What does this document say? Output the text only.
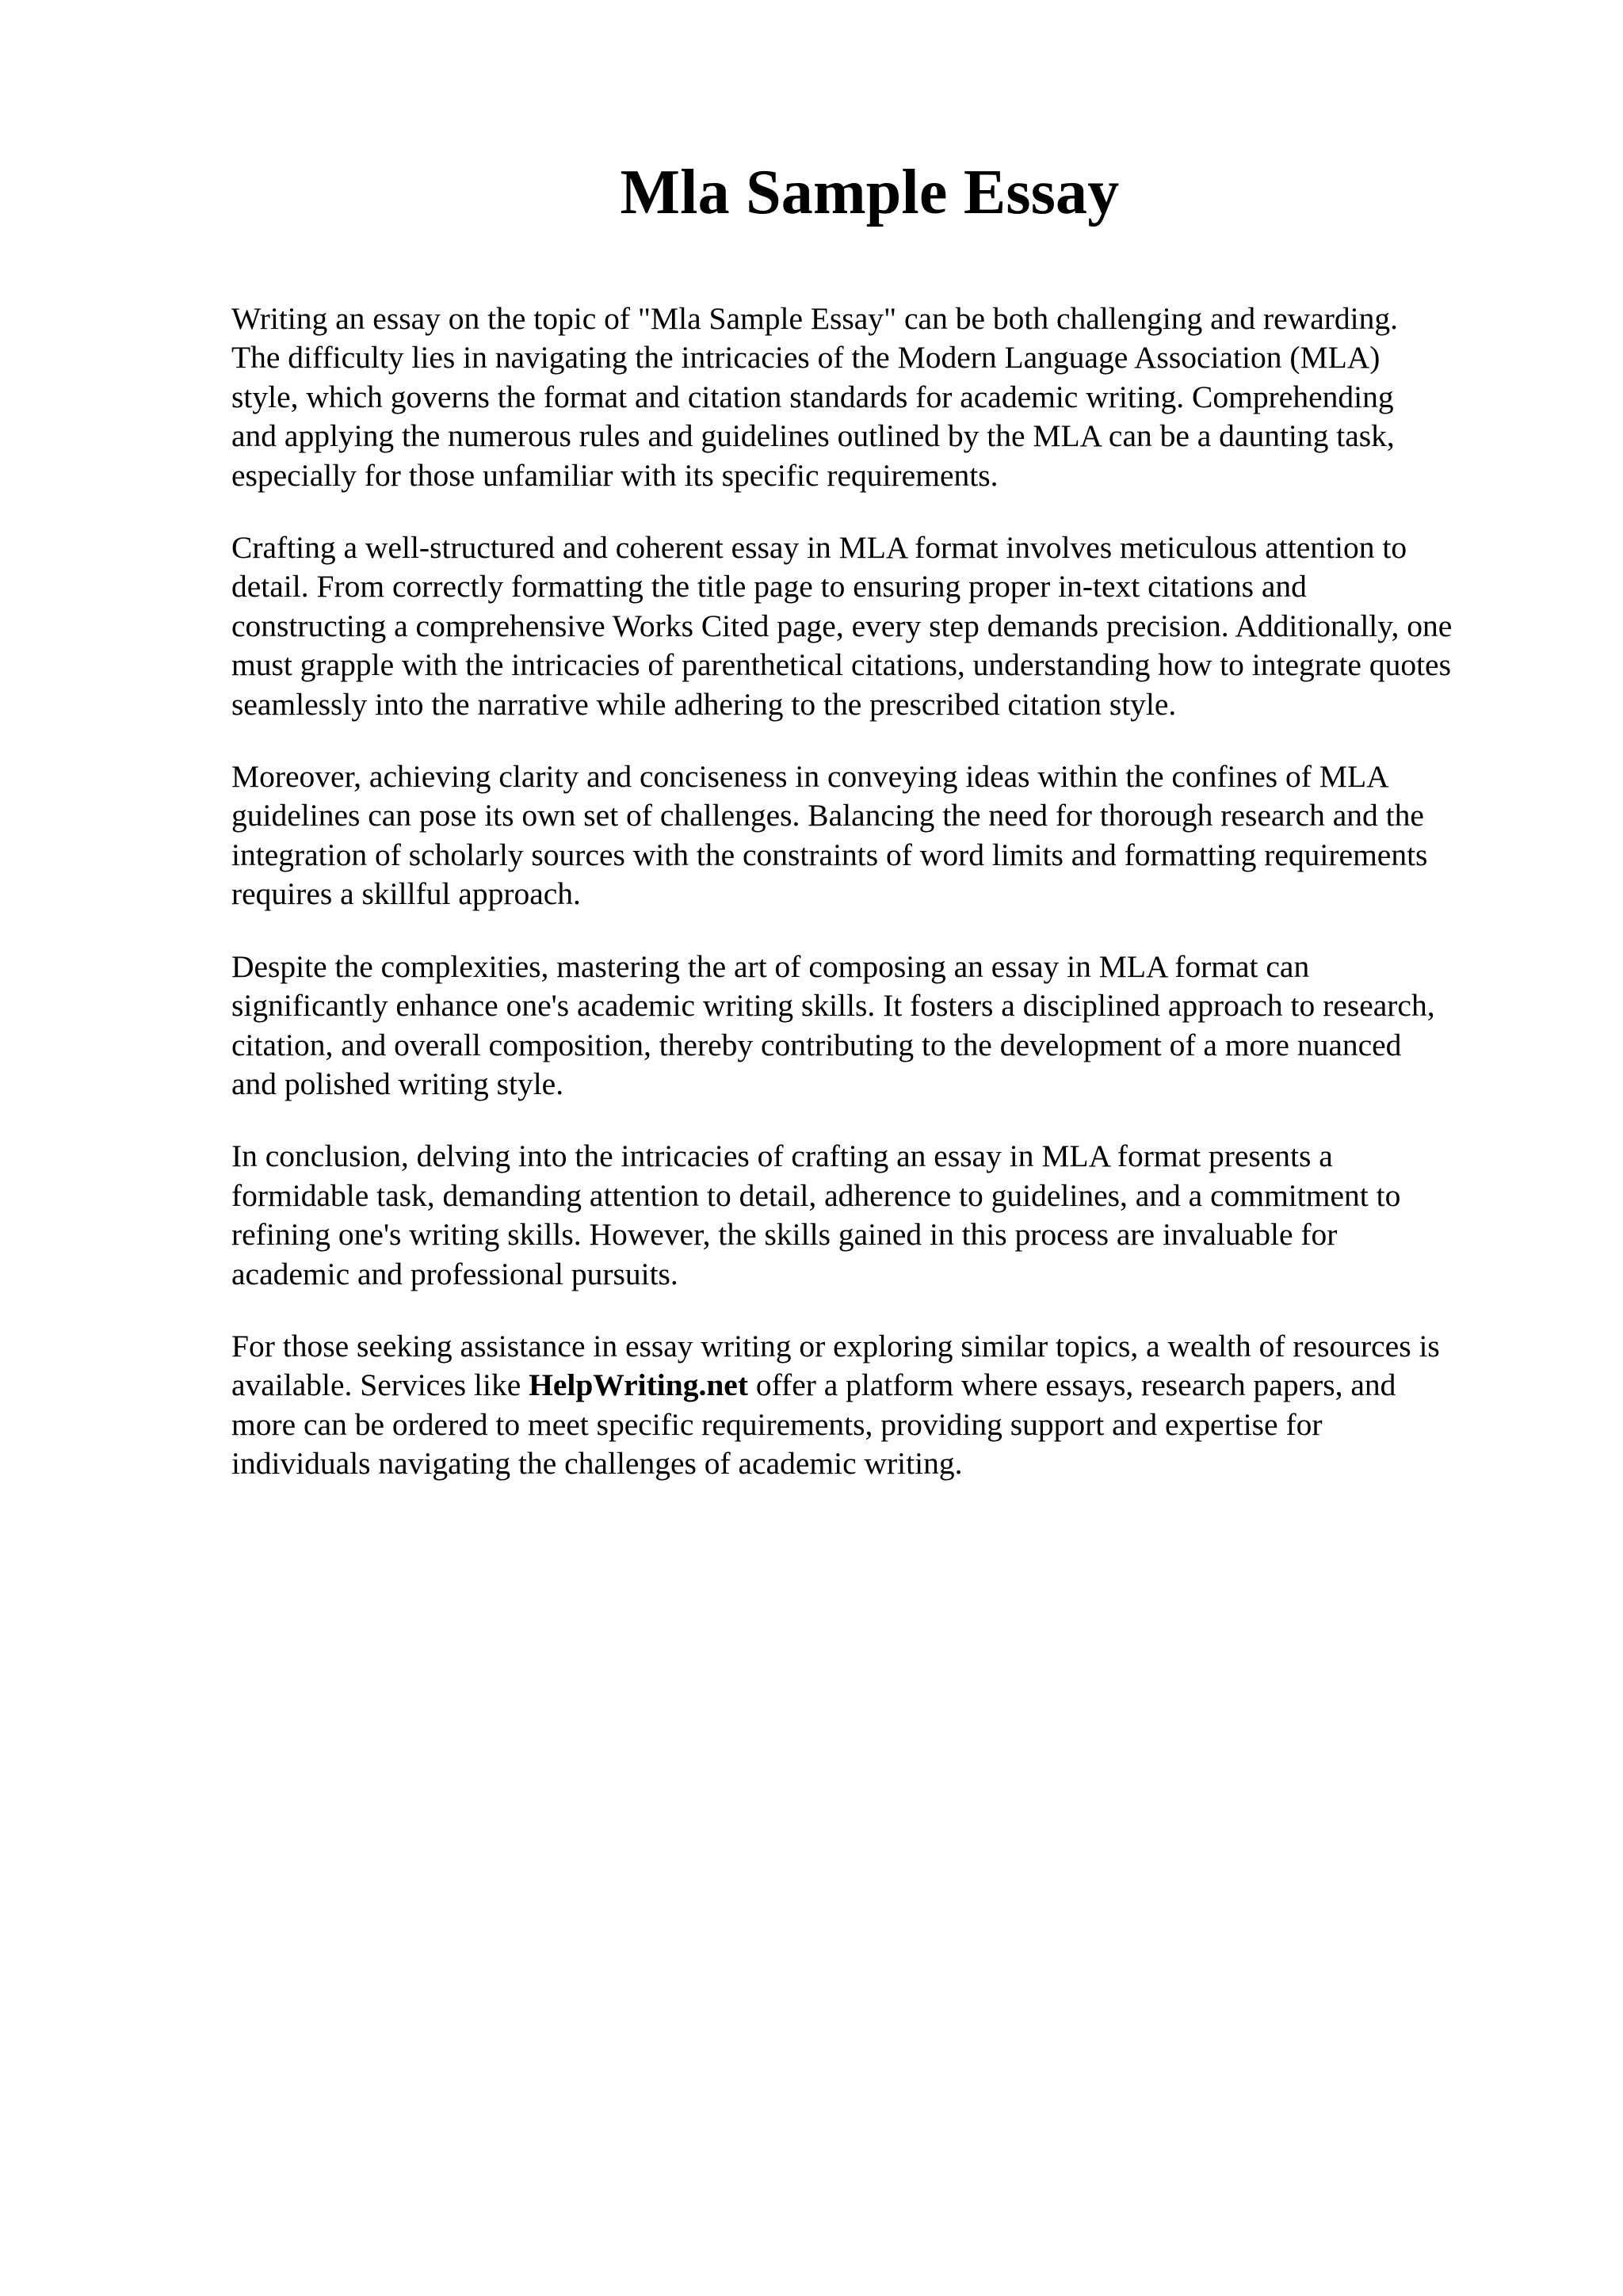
Mla Sample Essay

Writing an essay on the topic of "Mla Sample Essay" can be both challenging and rewarding.
The difficulty lies in navigating the intricacies of the Modern Language Association (MLA)
style, which governs the format and citation standards for academic writing. Comprehending
and applying the numerous rules and guidelines outlined by the MLA can be a daunting task,
especially for those unfamiliar with its specific requirements.

Crafting a well-structured and coherent essay in MLA format involves meticulous attention to
detail. From correctly formatting the title page to ensuring proper in-text citations and
constructing a comprehensive Works Cited page, every step demands precision. Additionally, one
must grapple with the intricacies of parenthetical citations, understanding how to integrate quotes
seamlessly into the narrative while adhering to the prescribed citation style.

Moreover, achieving clarity and conciseness in conveying ideas within the confines of MLA
guidelines can pose its own set of challenges. Balancing the need for thorough research and the
integration of scholarly sources with the constraints of word limits and formatting requirements
requires a skillful approach.

Despite the complexities, mastering the art of composing an essay in MLA format can
significantly enhance one's academic writing skills. It fosters a disciplined approach to research,
citation, and overall composition, thereby contributing to the development of a more nuanced
and polished writing style.

In conclusion, delving into the intricacies of crafting an essay in MLA format presents a
formidable task, demanding attention to detail, adherence to guidelines, and a commitment to
refining one's writing skills. However, the skills gained in this process are invaluable for
academic and professional pursuits.

For those seeking assistance in essay writing or exploring similar topics, a wealth of resources is
available. Services like HelpWriting.net offer a platform where essays, research papers, and
more can be ordered to meet specific requirements, providing support and expertise for
individuals navigating the challenges of academic writing.
